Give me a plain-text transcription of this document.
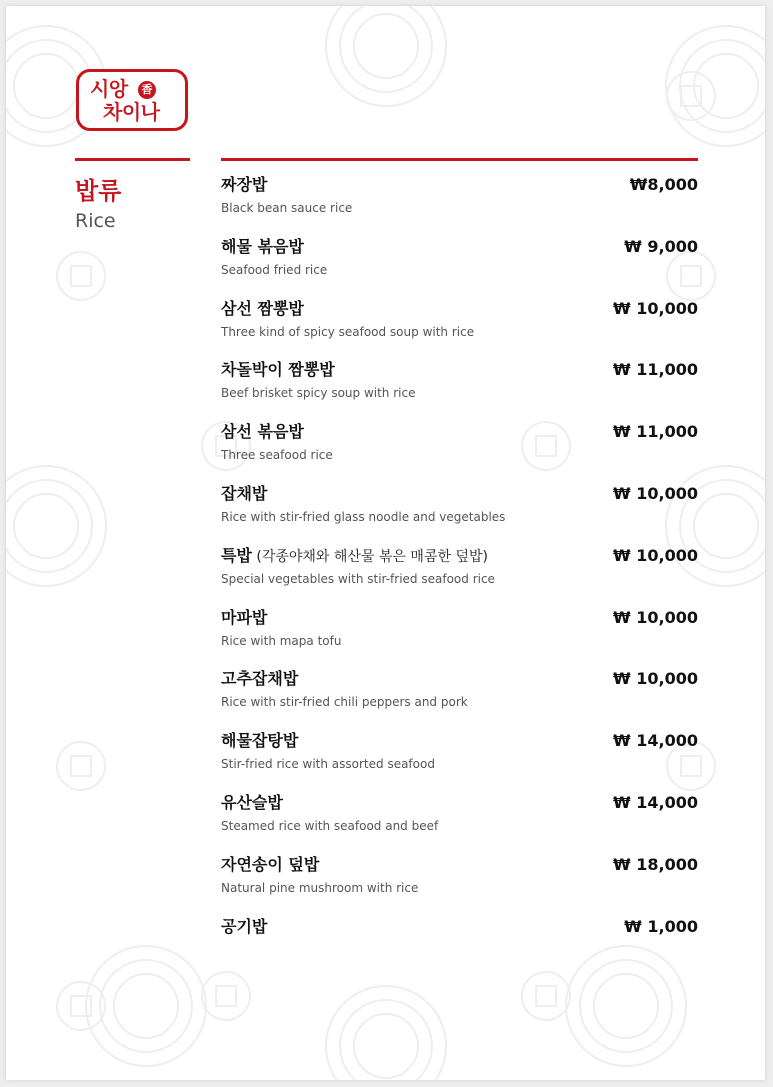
시앙	香
차이나
밥류
Rice
짜장밥
Black bean sauce rice
₩8,000
해물 볶음밥
Seafood fried rice
₩ 9,000
삼선 짬뽕밥
Three kind of spicy seafood soup with rice
₩ 10,000
차돌박이 짬뽕밥
Beef brisket spicy soup with rice
₩ 11,000
삼선 볶음밥
Three seafood rice
₩ 11,000
잡채밥
Rice with stir-fried glass noodle and vegetables
₩ 10,000
특밥 (각종야채와 해산물 볶은 매콤한 덮밥)
Special vegetables with stir-fried seafood rice
₩ 10,000
마파밥
Rice with mapa tofu
₩ 10,000
고추잡채밥
Rice with stir-fried chili peppers and pork
₩ 10,000
해물잡탕밥
Stir-fried rice with assorted seafood
₩ 14,000
유산슬밥
Steamed rice with seafood and beef
₩ 14,000
자연송이 덮밥
Natural pine mushroom with rice
₩ 18,000
공기밥	₩ 1,000
